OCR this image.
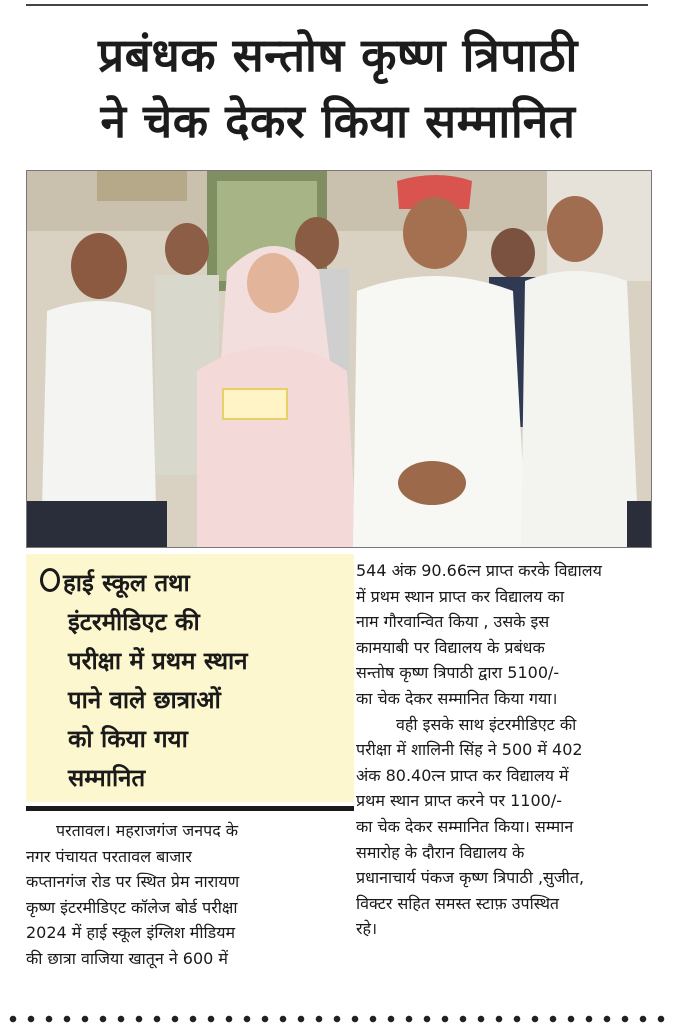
प्रबंधक सन्तोष कृष्ण त्रिपाठी
ने चेक देकर किया सम्मानित
हाई स्कूल तथा
इंटरमीडिएट की
परीक्षा में प्रथम स्थान
पाने वाले छात्राओं
को किया गया
सम्मानित
परतावल। महराजगंज जनपद के
नगर पंचायत परतावल बाजार
कप्तानगंज रोड पर स्थित प्रेम नारायण
कृष्ण इंटरमीडिएट कॉलेज बोर्ड परीक्षा
2024 में हाई स्कूल इंग्लिश मीडियम
की छात्रा वाजिया खातून ने 600 में
544 अंक 90.66त्न प्राप्त करके विद्यालय
में प्रथम स्थान प्राप्त कर विद्यालय का
नाम गौरवान्वित किया , उसके इस
कामयाबी पर विद्यालय के प्रबंधक
सन्तोष कृष्ण त्रिपाठी द्वारा 5100/-
का चेक देकर सम्मानित किया गया।
वही इसके साथ इंटरमीडिएट की
परीक्षा में शालिनी सिंह ने 500 में 402
अंक 80.40त्न प्राप्त कर विद्यालय में
प्रथम स्थान प्राप्त करने पर 1100/-
का चेक देकर सम्मानित किया। सम्मान
समारोह के दौरान विद्यालय के
प्रधानाचार्य पंकज कृष्ण त्रिपाठी ,सुजीत,
विक्टर सहित समस्त स्टाफ़ उपस्थित
रहे।
